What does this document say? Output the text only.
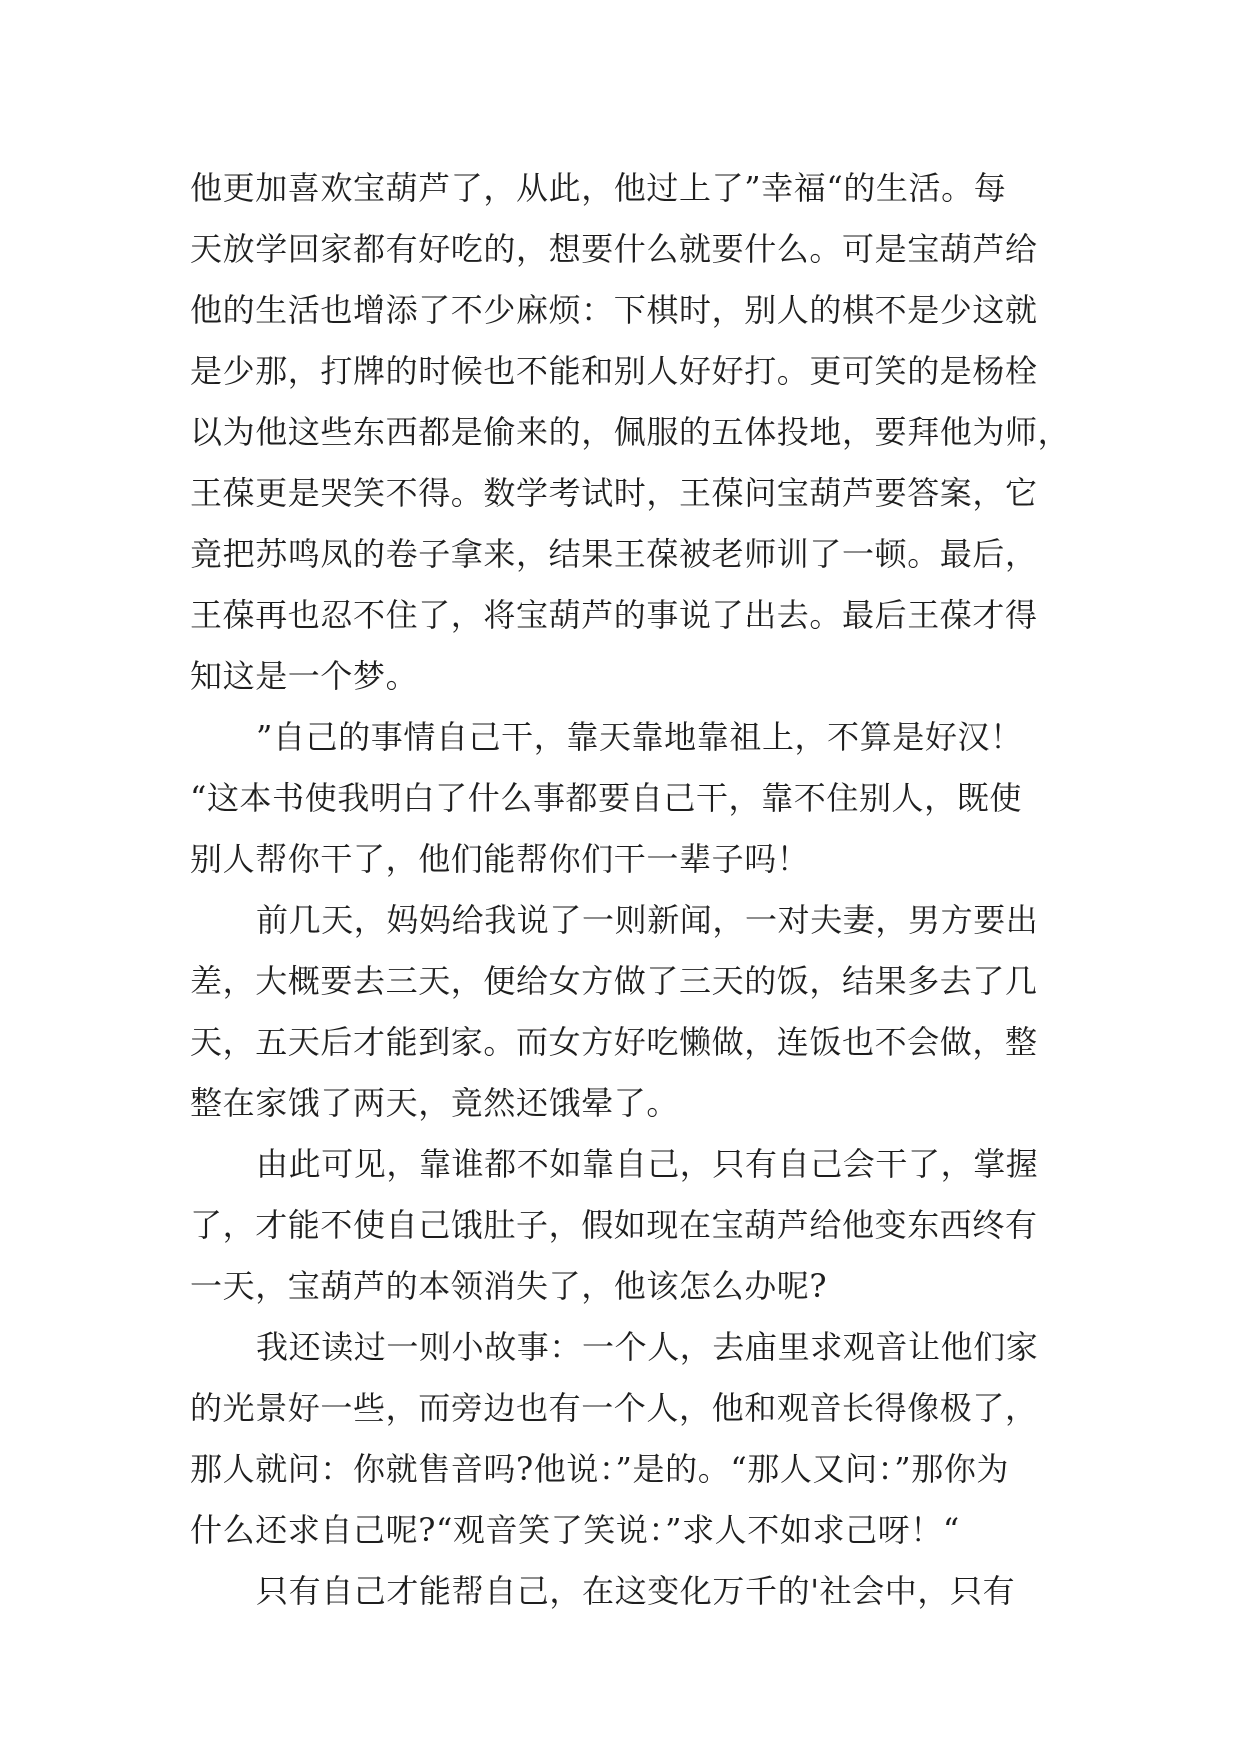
他更加喜欢宝葫芦了，从此，他过上了”幸福“的生活。每
天放学回家都有好吃的，想要什么就要什么。可是宝葫芦给
他的生活也增添了不少麻烦：下棋时，别人的棋不是少这就
是少那，打牌的时候也不能和别人好好打。更可笑的是杨栓
以为他这些东西都是偷来的，佩服的五体投地，要拜他为师，
王葆更是哭笑不得。数学考试时，王葆问宝葫芦要答案，它
竟把苏鸣凤的卷子拿来，结果王葆被老师训了一顿。最后，
王葆再也忍不住了，将宝葫芦的事说了出去。最后王葆才得
知这是一个梦。
”自己的事情自己干，靠天靠地靠祖上，不算是好汉！
“这本书使我明白了什么事都要自己干，靠不住别人，既使
别人帮你干了，他们能帮你们干一辈子吗！
前几天，妈妈给我说了一则新闻，一对夫妻，男方要出
差，大概要去三天，便给女方做了三天的饭，结果多去了几
天，五天后才能到家。而女方好吃懒做，连饭也不会做，整
整在家饿了两天，竟然还饿晕了。
由此可见，靠谁都不如靠自己，只有自己会干了，掌握
了，才能不使自己饿肚子，假如现在宝葫芦给他变东西终有
一天，宝葫芦的本领消失了，他该怎么办呢?
我还读过一则小故事：一个人，去庙里求观音让他们家
的光景好一些，而旁边也有一个人，他和观音长得像极了，
那人就问：你就售音吗?他说：”是的。“那人又问：”那你为
什么还求自己呢?“观音笑了笑说：”求人不如求己呀！“
只有自己才能帮自己，在这变化万千的'社会中，只有
